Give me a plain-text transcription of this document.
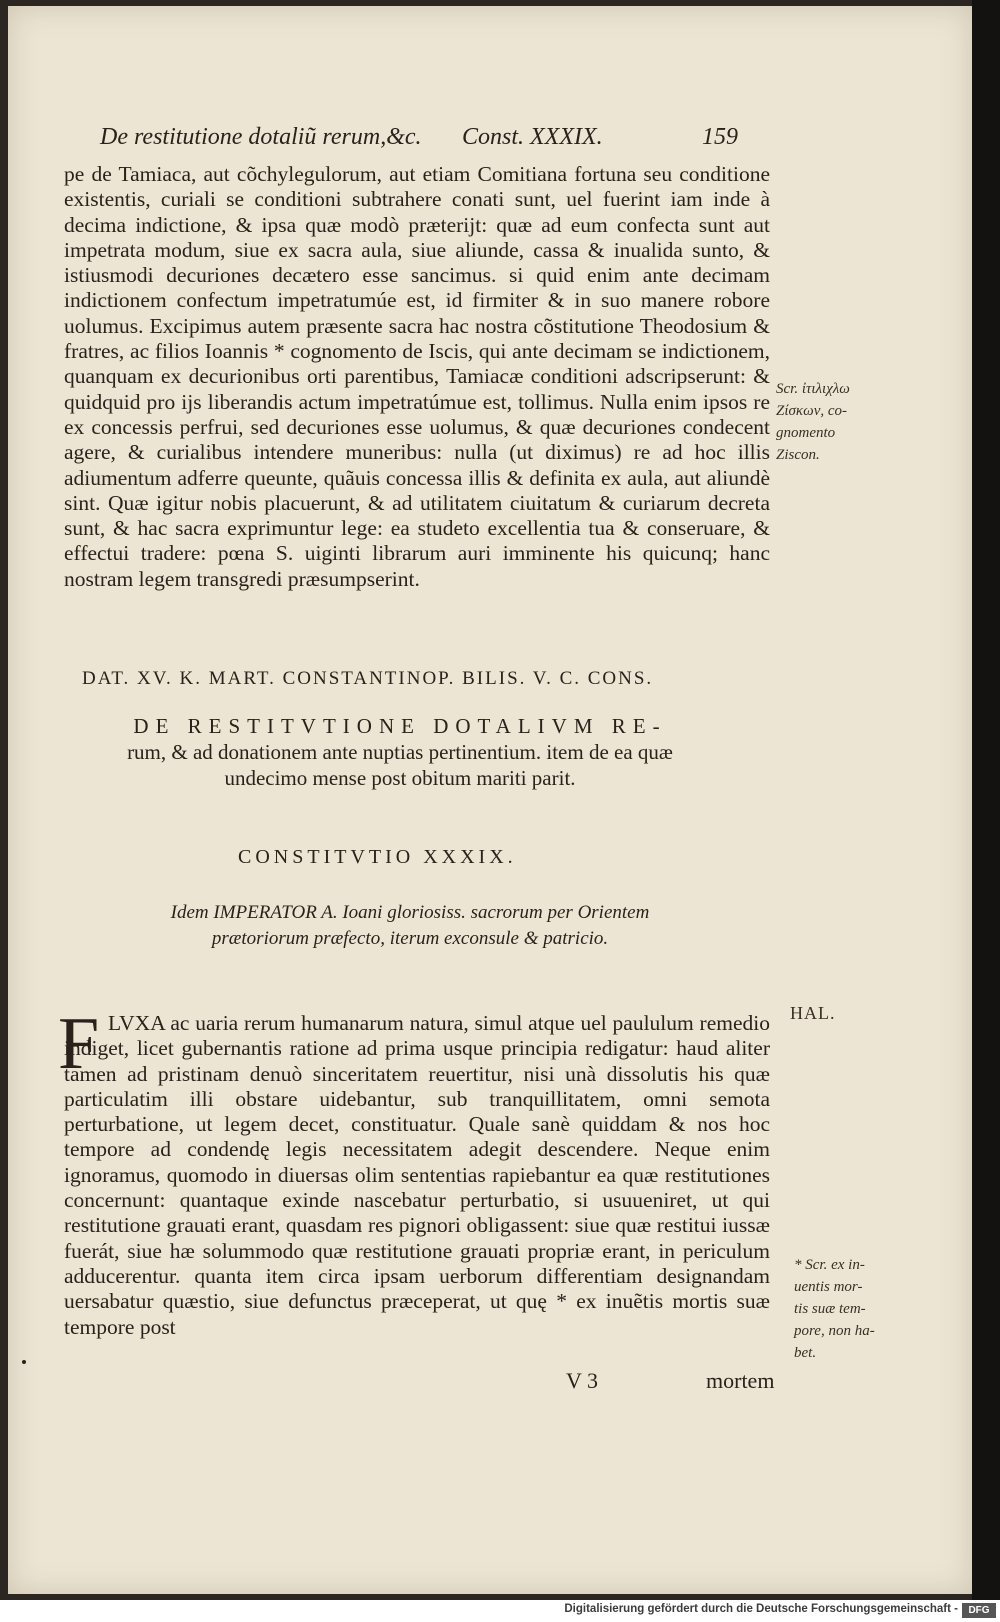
De restitutione dotaliũ rerum,&c. Const. XXXIX.	159

pe de Tamiaca, aut cõchylegulorum, aut etiam Comitiana fortuna seu conditione existentis, curiali se conditioni subtrahere conati sunt, uel fuerint iam inde à decima indictione, & ipsa quæ modò præterijt: quæ ad eum confecta sunt aut impetrata modum, siue ex sacra aula, siue aliunde, cassa & inualida sunto, & istiusmodi decuriones decætero esse sancimus. si quid enim ante decimam indictionem confectum impetratumúe est, id firmiter & in suo manere robore uolumus. Excipimus autem præsente sacra hac nostra cõstitutione Theodosium & fratres, ac filios Ioannis * cognomento de Iscis, qui ante decimam se indictionem, quanquam ex decurionibus orti parentibus, Tamiacæ conditioni adscripserunt: & quidquid pro ijs liberandis actum impetratúmue est, tollimus. Nulla enim ipsos re ex concessis perfrui, sed decuriones esse uolumus, & quæ decuriones condecent agere, & curialibus intendere muneribus: nulla (ut diximus) re ad hoc illis adiumentum adferre queunte, quãuis concessa illis & definita ex aula, aut aliundè sint. Quæ igitur nobis placuerunt, & ad utilitatem ciuitatum & curiarum decreta sunt, & hac sacra exprimuntur lege: ea studeto excellentia tua & conseruare, & effectui tradere: pœna S. uiginti librarum auri imminente his quicunq; hanc nostram legem transgredi præsumpserint.

DAT. XV. K. MART. CONSTANTINOP. BILIS. V. C. CONS.
DE RESTITVTIONE DOTALIVM RE-
rum, & ad donationem ante nuptias pertinentium. item de ea quæ undecimo mense post obitum mariti parit.
CONSTITVTIO XXXIX.
Idem IMPERATOR A. Ioani gloriosiss. sacrorum per Orientem prætoriorum præfecto, iterum exconsule & patricio.
F LVXA ac uaria rerum humanarum natura, simul atque uel paululum remedio indiget, licet gubernantis ratione ad prima usque principia redigatur: haud aliter tamen ad pristinam denuò sinceritatem reuertitur, nisi unà dissolutis his quæ particulatim illi obstare uidebantur, sub tranquillitatem, omni semota perturbatione, ut legem decet, constituatur. Quale sanè quiddam & nos hoc tempore ad condendę legis necessitatem adegit descendere. Neque enim ignoramus, quomodo in diuersas olim sententias rapiebantur ea quæ restitutiones concernunt: quantaque exinde nascebatur perturbatio, si usuueniret, ut qui restitutione grauati erant, quasdam res pignori obligassent: siue quæ restitui iussæ fuerát, siue hæ solummodo quæ restitutione grauati propriæ erant, in periculum adducerentur. quanta item circa ipsam uerborum differentiam designandam uersabatur quæstio, siue defunctus præceperat, ut quę * ex inuẽtis mortis suæ tempore post

Scr. ἰτιλιχλω
Ζίσκων, co-
gnomento
Ziscon.
HAL.
* Scr. ex in-
uentis mor-
tis suæ tem-
pore, non ha-
bet.
V 3	mortem
Digitalisierung gefördert durch die Deutsche Forschungsgemeinschaft -	DFG
